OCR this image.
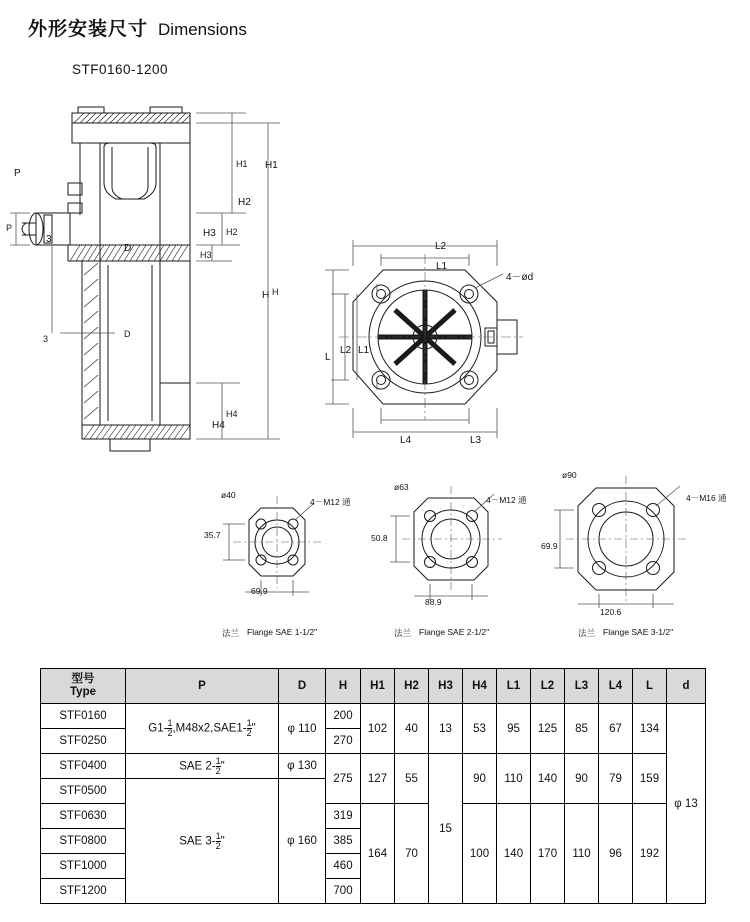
外形安装尺寸 Dimensions
STF0160-1200
H1
H2
H3
H
H4
P
3	D
H1
H2
H3
H
H4
P
3
D	L2
L1
4－ød
L
L2 L1
L4	L3
ø40
4－M12 通
35.7
69.9
法兰 Flange SAE 1-1/2"
ø63
4－M12 通
50.8
88.9
法兰 Flange SAE 2-1/2"
ø90
4－M16 通
69.9
120.6
法兰 Flange SAE 3-1/2"

型号
Type	P	D	H	H1	H2	H3	H4	L1	L2	L3	L4	L	d
STF0160	$G1- \frac{1}{2} ,M48x2,SAE1- \frac{1}{2}$ "	φ 110	200	102	40	13	53	95	125	85	67	134	φ 13
STF0250			270										
STF0400	SAE $2- \frac{1}{2}$ "	φ 130	275	127	55	15	90	110	140	90	79	159	
STF0500	SAE $3- \frac{1}{2}$ "	φ 160											
STF0630			319	164	70		100	140	170	110	96	192	
STF0800			385										
STF1000			460										
STF1200			700										
